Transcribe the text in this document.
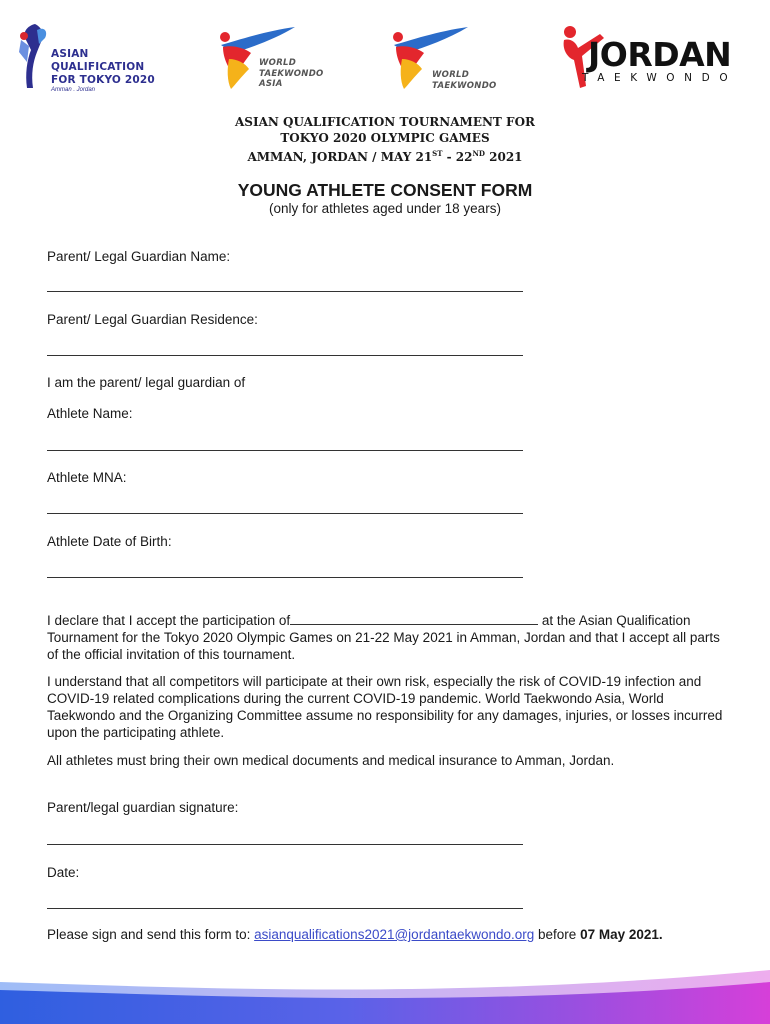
ASIAN
QUALIFICATION
FOR TOKYO 2020
Amman . Jordan
WORLD
TAEKWONDO
ASIA
WORLD
TAEKWONDO
JORDAN
TAEKWONDO
ASIAN QUALIFICATION TOURNAMENT FOR
TOKYO 2020 OLYMPIC GAMES
AMMAN, JORDAN / MAY 21ST - 22ND 2021
YOUNG ATHLETE CONSENT FORM
(only for athletes aged under 18 years)
Parent/ Legal Guardian Name:
Parent/ Legal Guardian Residence:
I am the parent/ legal guardian of
Athlete Name:
Athlete MNA:
Athlete Date of Birth:
I declare that I accept the participation of	at the Asian Qualification Tournament for the Tokyo 2020 Olympic Games on 21-22 May 2021 in Amman, Jordan and that I accept all parts of the official invitation of this tournament.
I understand that all competitors will participate at their own risk, especially the risk of COVID-19 infection and COVID-19 related complications during the current COVID-19 pandemic. World Taekwondo Asia, World Taekwondo and the Organizing Committee assume no responsibility for any damages, injuries, or losses incurred upon the participating athlete.
All athletes must bring their own medical documents and medical insurance to Amman, Jordan.
Parent/legal guardian signature:
Date:
Please sign and send this form to: asianqualifications2021@jordantaekwondo.org before 07 May 2021.
